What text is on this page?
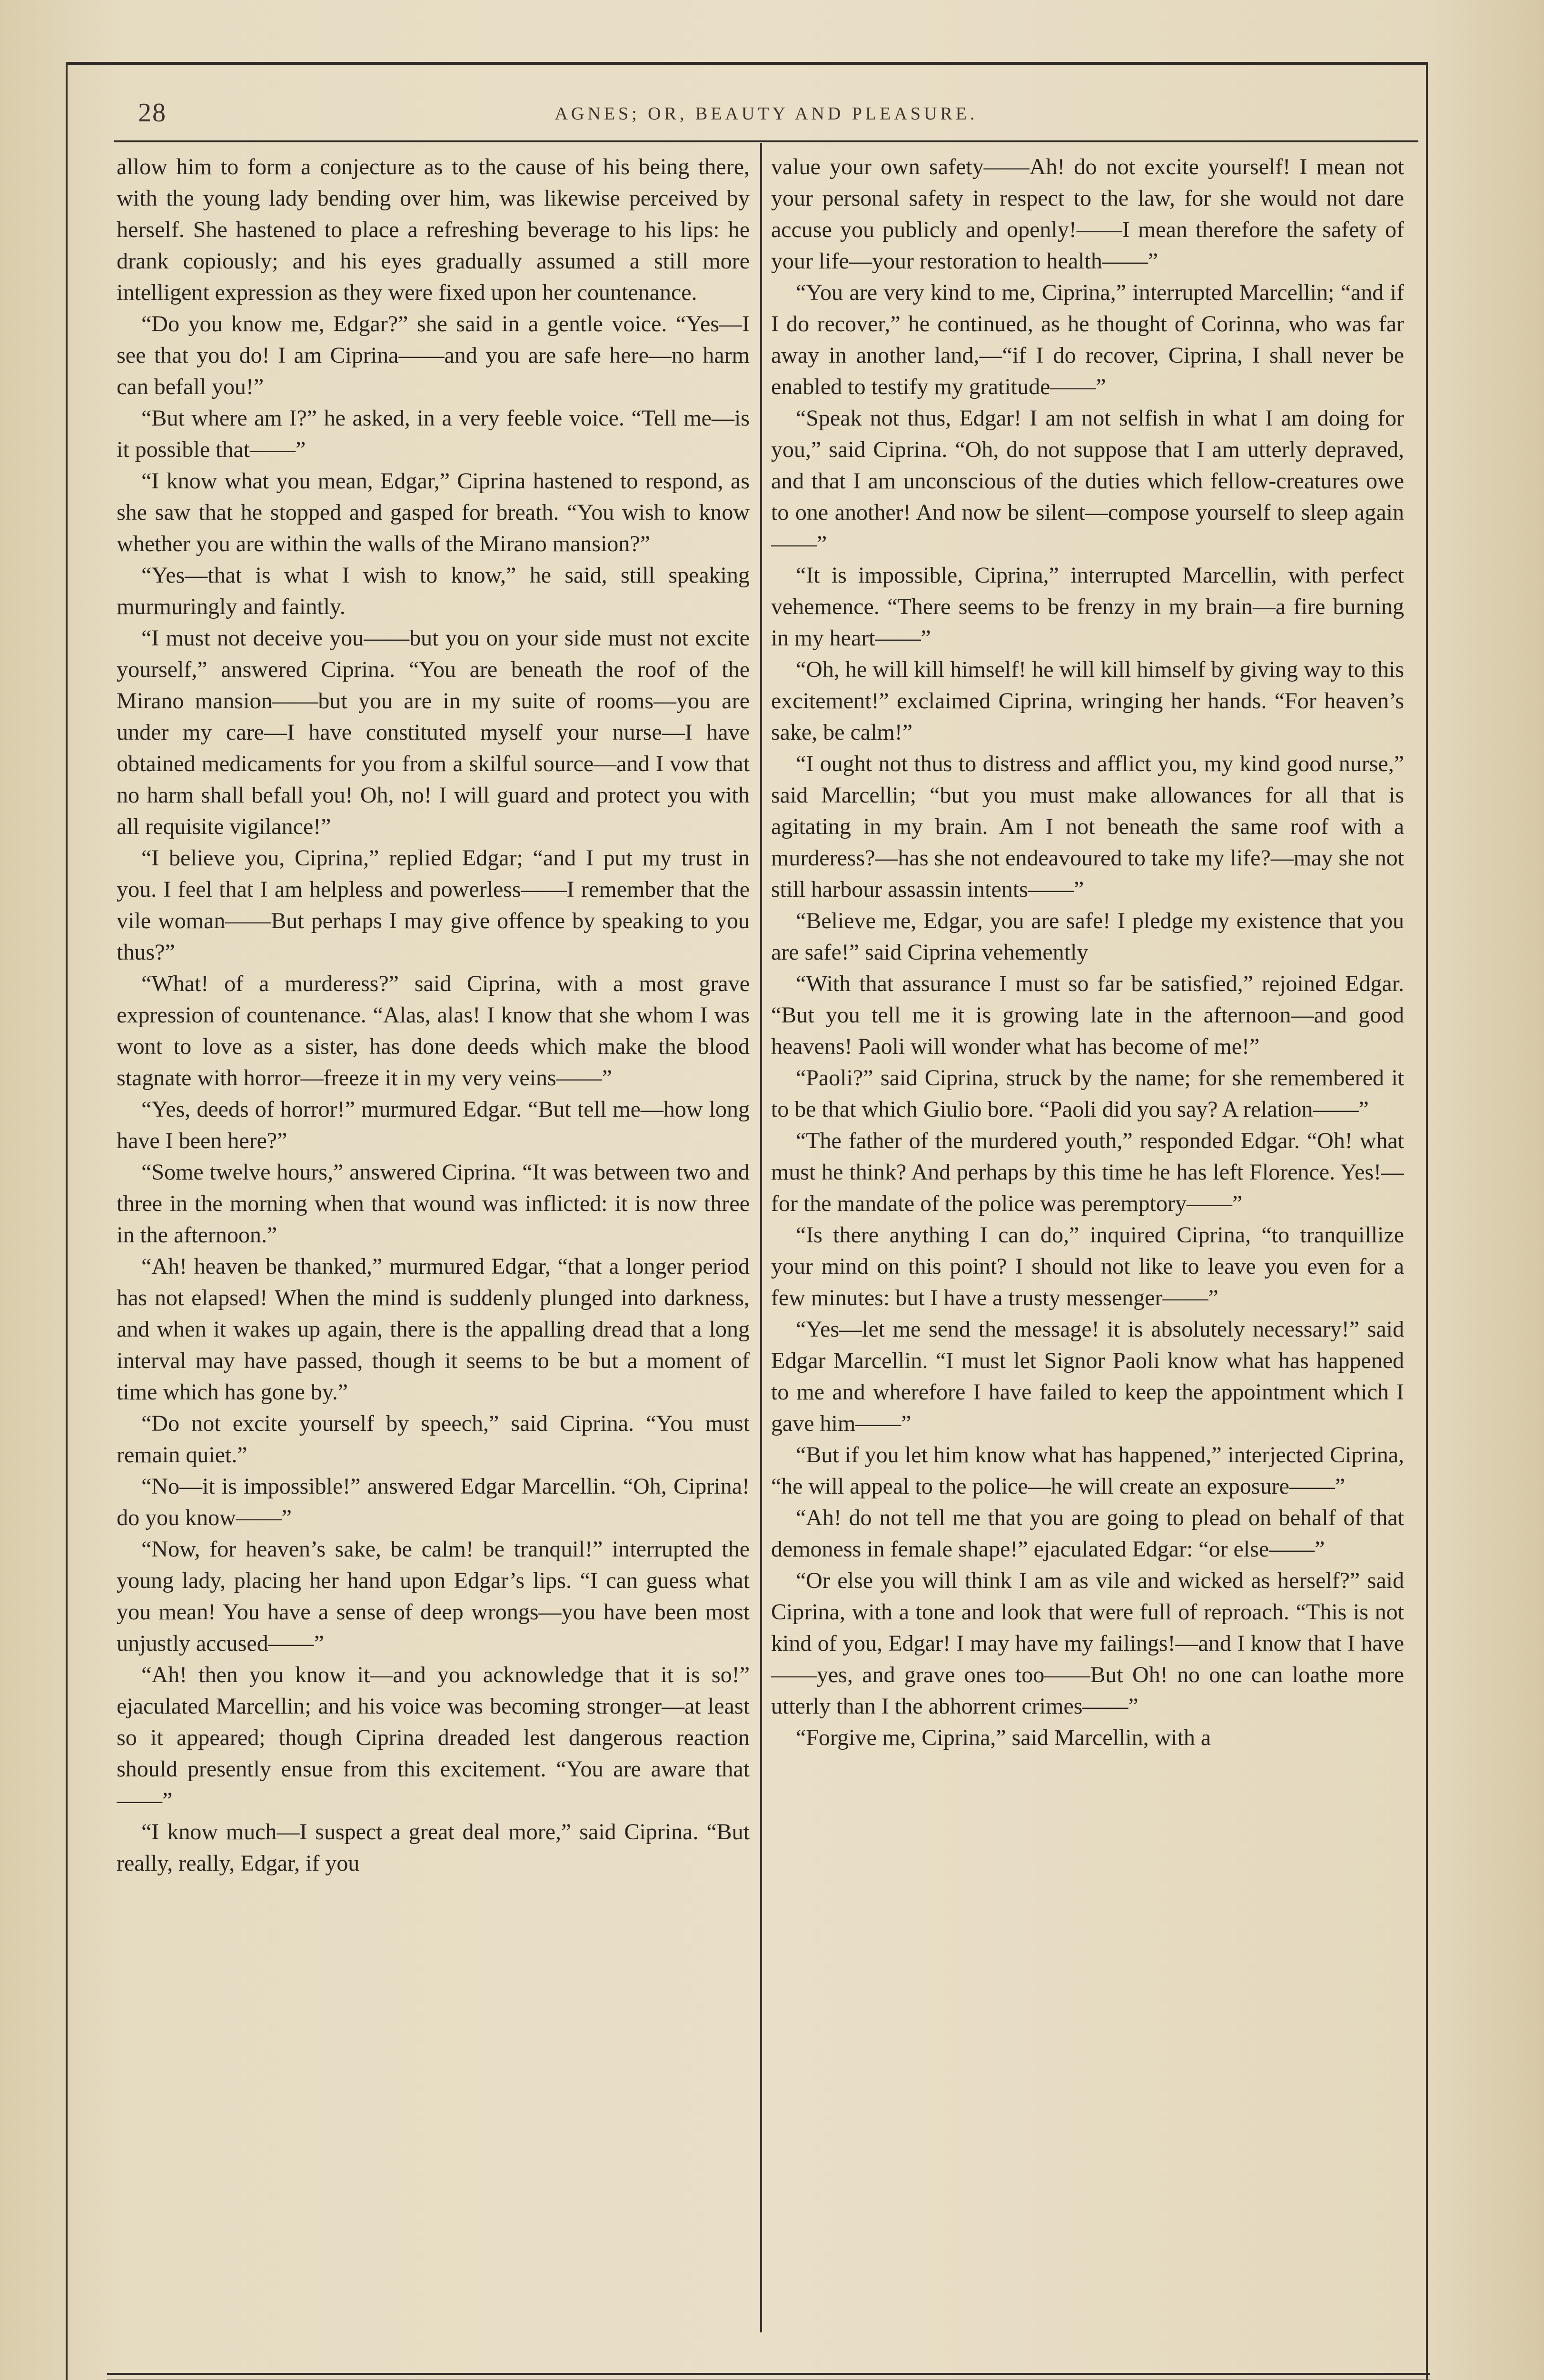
28	AGNES; OR, BEAUTY AND PLEASURE.

allow him to form a conjecture as to the cause of his being there, with the young lady bending over him, was likewise perceived by herself. She hastened to place a refreshing beverage to his lips: he drank copiously; and his eyes gradually assumed a still more intelligent expression as they were fixed upon her countenance.

“Do you know me, Edgar?” she said in a gentle voice. “Yes—I see that you do! I am Ciprina——and you are safe here—no harm can befall you!”

“But where am I?” he asked, in a very feeble voice. “Tell me—is it possible that——”

“I know what you mean, Edgar,” Ciprina hastened to respond, as she saw that he stopped and gasped for breath. “You wish to know whether you are within the walls of the Mirano mansion?”

“Yes—that is what I wish to know,” he said, still speaking murmuringly and faintly.

“I must not deceive you——but you on your side must not excite yourself,” answered Ciprina. “You are beneath the roof of the Mirano mansion——but you are in my suite of rooms—you are under my care—I have constituted myself your nurse—I have obtained medicaments for you from a skilful source—and I vow that no harm shall befall you! Oh, no! I will guard and protect you with all requisite vigilance!”

“I believe you, Ciprina,” replied Edgar; “and I put my trust in you. I feel that I am helpless and powerless——I remember that the vile woman——But perhaps I may give offence by speaking to you thus?”

“What! of a murderess?” said Ciprina, with a most grave expression of countenance. “Alas, alas! I know that she whom I was wont to love as a sister, has done deeds which make the blood stagnate with horror—freeze it in my very veins——”

“Yes, deeds of horror!” murmured Edgar. “But tell me—how long have I been here?”

“Some twelve hours,” answered Ciprina. “It was between two and three in the morning when that wound was inflicted: it is now three in the afternoon.”

“Ah! heaven be thanked,” murmured Edgar, “that a longer period has not elapsed! When the mind is suddenly plunged into darkness, and when it wakes up again, there is the appalling dread that a long interval may have passed, though it seems to be but a moment of time which has gone by.”

“Do not excite yourself by speech,” said Ciprina. “You must remain quiet.”

“No—it is impossible!” answered Edgar Marcellin. “Oh, Ciprina! do you know——”

“Now, for heaven’s sake, be calm! be tranquil!” interrupted the young lady, placing her hand upon Edgar’s lips. “I can guess what you mean! You have a sense of deep wrongs—you have been most unjustly accused——”

“Ah! then you know it—and you acknowledge that it is so!” ejaculated Marcellin; and his voice was becoming stronger—at least so it appeared; though Ciprina dreaded lest dangerous reaction should presently ensue from this excitement. “You are aware that——”

“I know much—I suspect a great deal more,” said Ciprina. “But really, really, Edgar, if you

value your own safety——Ah! do not excite yourself! I mean not your personal safety in respect to the law, for she would not dare accuse you publicly and openly!——I mean therefore the safety of your life—your restoration to health——”

“You are very kind to me, Ciprina,” interrupted Marcellin; “and if I do recover,” he continued, as he thought of Corinna, who was far away in another land,—“if I do recover, Ciprina, I shall never be enabled to testify my gratitude——”

“Speak not thus, Edgar! I am not selfish in what I am doing for you,” said Ciprina. “Oh, do not suppose that I am utterly depraved, and that I am unconscious of the duties which fellow-creatures owe to one another! And now be silent—compose yourself to sleep again——”

“It is impossible, Ciprina,” interrupted Marcellin, with perfect vehemence. “There seems to be frenzy in my brain—a fire burning in my heart——”

“Oh, he will kill himself! he will kill himself by giving way to this excitement!” exclaimed Ciprina, wringing her hands. “For heaven’s sake, be calm!”

“I ought not thus to distress and afflict you, my kind good nurse,” said Marcellin; “but you must make allowances for all that is agitating in my brain. Am I not beneath the same roof with a murderess?—has she not endeavoured to take my life?—may she not still harbour assassin intents——”

“Believe me, Edgar, you are safe! I pledge my existence that you are safe!” said Ciprina vehemently

“With that assurance I must so far be satisfied,” rejoined Edgar. “But you tell me it is growing late in the afternoon—and good heavens! Paoli will wonder what has become of me!”

“Paoli?” said Ciprina, struck by the name; for she remembered it to be that which Giulio bore. “Paoli did you say? A relation——”

“The father of the murdered youth,” responded Edgar. “Oh! what must he think? And perhaps by this time he has left Florence. Yes!—for the mandate of the police was peremptory——”

“Is there anything I can do,” inquired Ciprina, “to tranquillize your mind on this point? I should not like to leave you even for a few minutes: but I have a trusty messenger——”

“Yes—let me send the message! it is absolutely necessary!” said Edgar Marcellin. “I must let Signor Paoli know what has happened to me and wherefore I have failed to keep the appointment which I gave him——”

“But if you let him know what has happened,” interjected Ciprina, “he will appeal to the police—he will create an exposure——”

“Ah! do not tell me that you are going to plead on behalf of that demoness in female shape!” ejaculated Edgar: “or else——”

“Or else you will think I am as vile and wicked as herself?” said Ciprina, with a tone and look that were full of reproach. “This is not kind of you, Edgar! I may have my failings!—and I know that I have——yes, and grave ones too——But Oh! no one can loathe more utterly than I the abhorrent crimes——”

“Forgive me, Ciprina,” said Marcellin, with a
